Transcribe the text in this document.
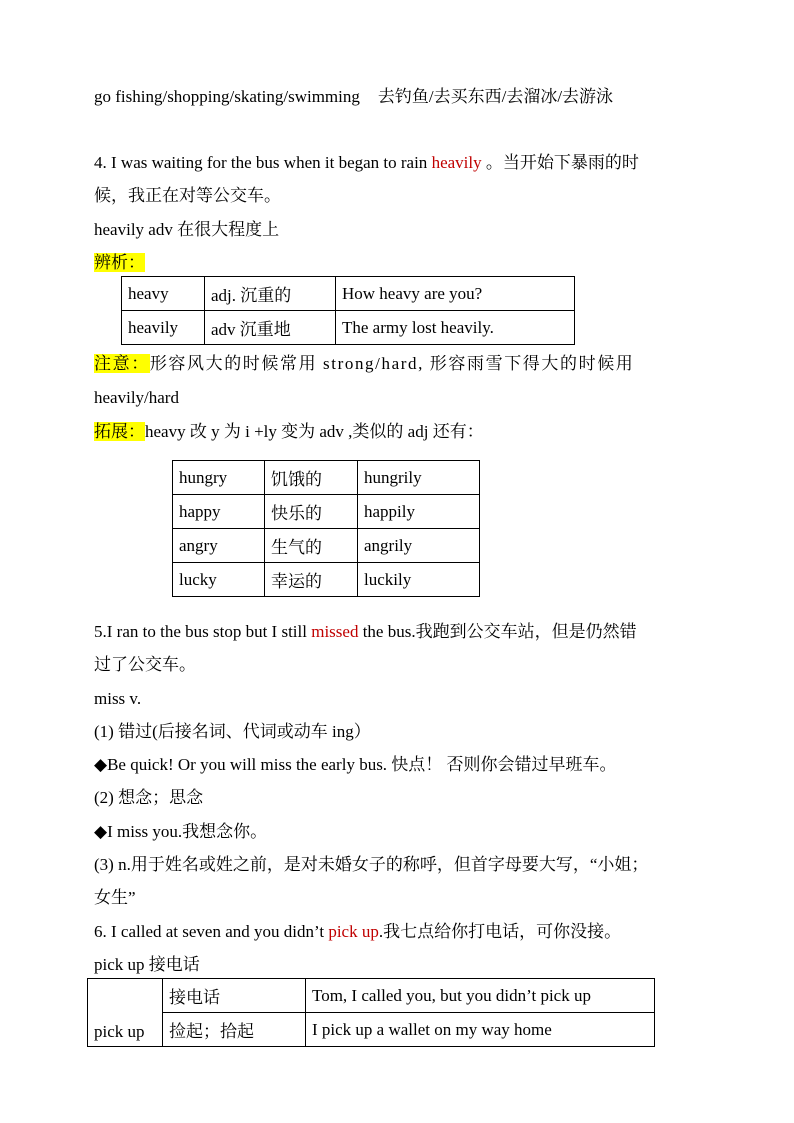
go fishing/shopping/skating/swimming 去钓鱼/去买东西/去溜冰/去游泳
4. I was waiting for the bus when it began to rain heavily 。当开始下暴雨的时
候，我正在对等公交车。
heavily adv 在很大程度上
辨析：
heavy	adj. 沉重的	How heavy are you?
heavily	adv 沉重地	The army lost heavily.
注意：形容风大的时候常用 strong/hard, 形容雨雪下得大的时候用
heavily/hard
拓展：heavy 改 y 为 i +ly 变为 adv ,类似的 adj 还有：
hungry	饥饿的	hungrily
happy	快乐的	happily
angry	生气的	angrily
lucky	幸运的	luckily
5.I ran to the bus stop but I still missed the bus.我跑到公交车站，但是仍然错
过了公交车。
miss v.
(1) 错过(后接名词、代词或动车 ing）
◆Be quick! Or you will miss the early bus. 快点！ 否则你会错过早班车。
(2) 想念；思念
◆I miss you.我想念你。
(3) n.用于姓名或姓之前，是对未婚女子的称呼，但首字母要大写，“小姐；
女生”
6. I called at seven and you didn’t pick up.我七点给你打电话，可你没接。
pick up 接电话
pick up	接电话	Tom, I called you, but you didn’t pick up
	捡起；拾起	I pick up a wallet on my way home
